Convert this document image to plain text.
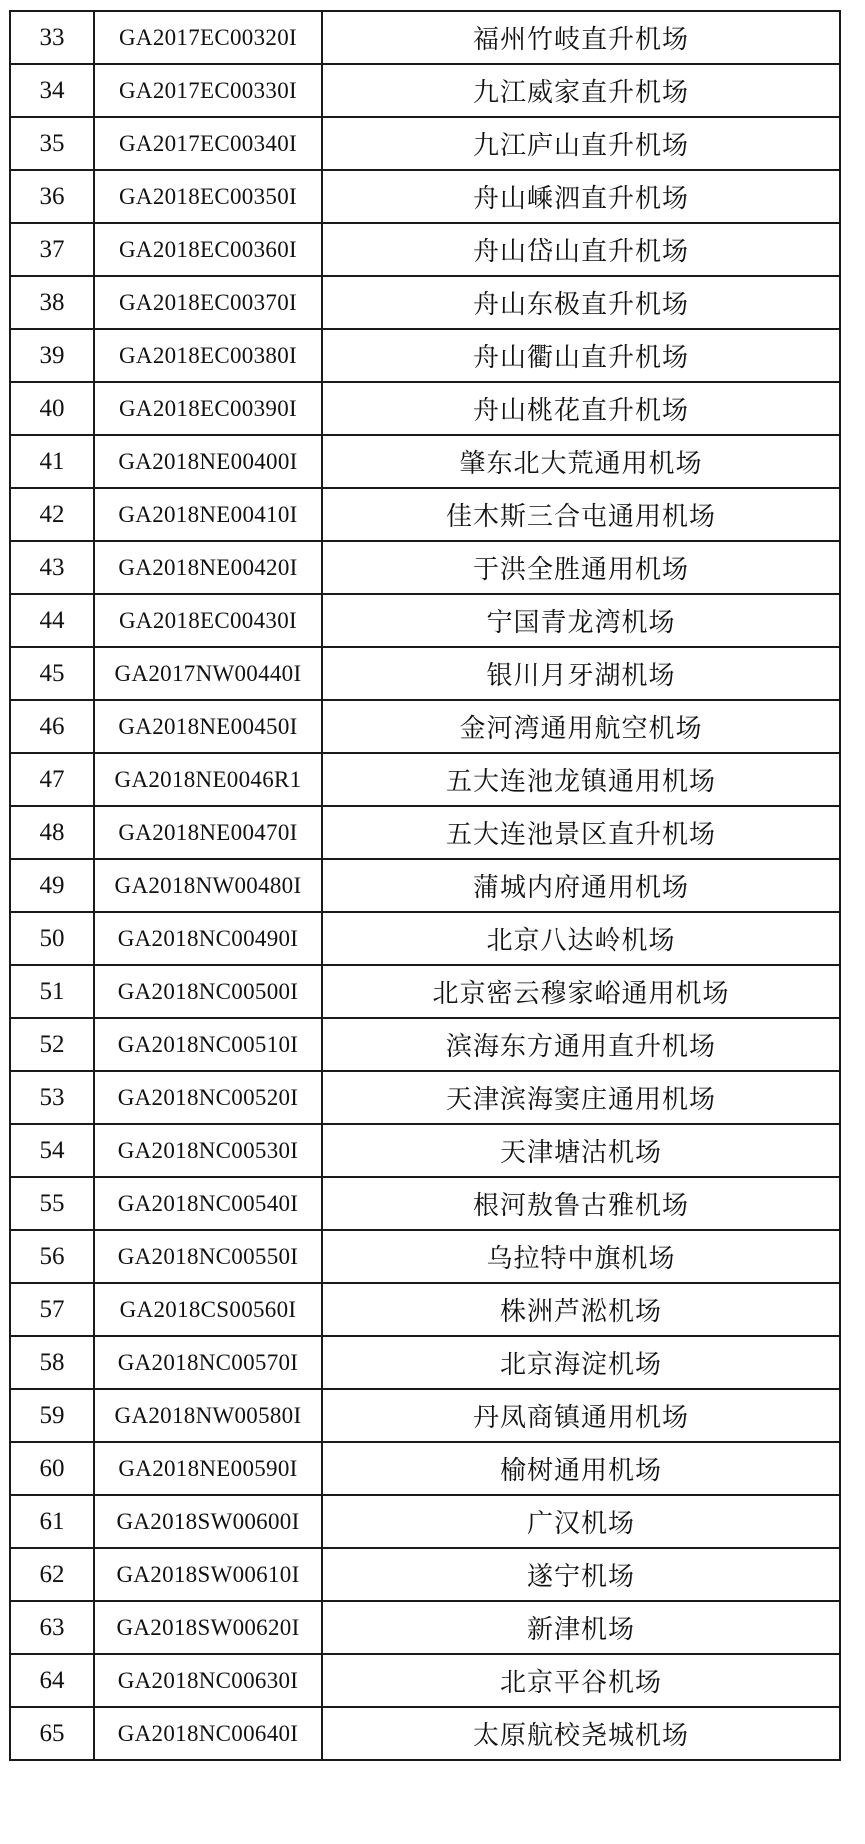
33	GA2017EC00320I	福州竹岐直升机场
34	GA2017EC00330I	九江威家直升机场
35	GA2017EC00340I	九江庐山直升机场
36	GA2018EC00350I	舟山嵊泗直升机场
37	GA2018EC00360I	舟山岱山直升机场
38	GA2018EC00370I	舟山东极直升机场
39	GA2018EC00380I	舟山衢山直升机场
40	GA2018EC00390I	舟山桃花直升机场
41	GA2018NE00400I	肇东北大荒通用机场
42	GA2018NE00410I	佳木斯三合屯通用机场
43	GA2018NE00420I	于洪全胜通用机场
44	GA2018EC00430I	宁国青龙湾机场
45	GA2017NW00440I	银川月牙湖机场
46	GA2018NE00450I	金河湾通用航空机场
47	GA2018NE0046R1	五大连池龙镇通用机场
48	GA2018NE00470I	五大连池景区直升机场
49	GA2018NW00480I	蒲城内府通用机场
50	GA2018NC00490I	北京八达岭机场
51	GA2018NC00500I	北京密云穆家峪通用机场
52	GA2018NC00510I	滨海东方通用直升机场
53	GA2018NC00520I	天津滨海窦庄通用机场
54	GA2018NC00530I	天津塘沽机场
55	GA2018NC00540I	根河敖鲁古雅机场
56	GA2018NC00550I	乌拉特中旗机场
57	GA2018CS00560I	株洲芦淞机场
58	GA2018NC00570I	北京海淀机场
59	GA2018NW00580I	丹凤商镇通用机场
60	GA2018NE00590I	榆树通用机场
61	GA2018SW00600I	广汉机场
62	GA2018SW00610I	遂宁机场
63	GA2018SW00620I	新津机场
64	GA2018NC00630I	北京平谷机场
65	GA2018NC00640I	太原航校尧城机场
